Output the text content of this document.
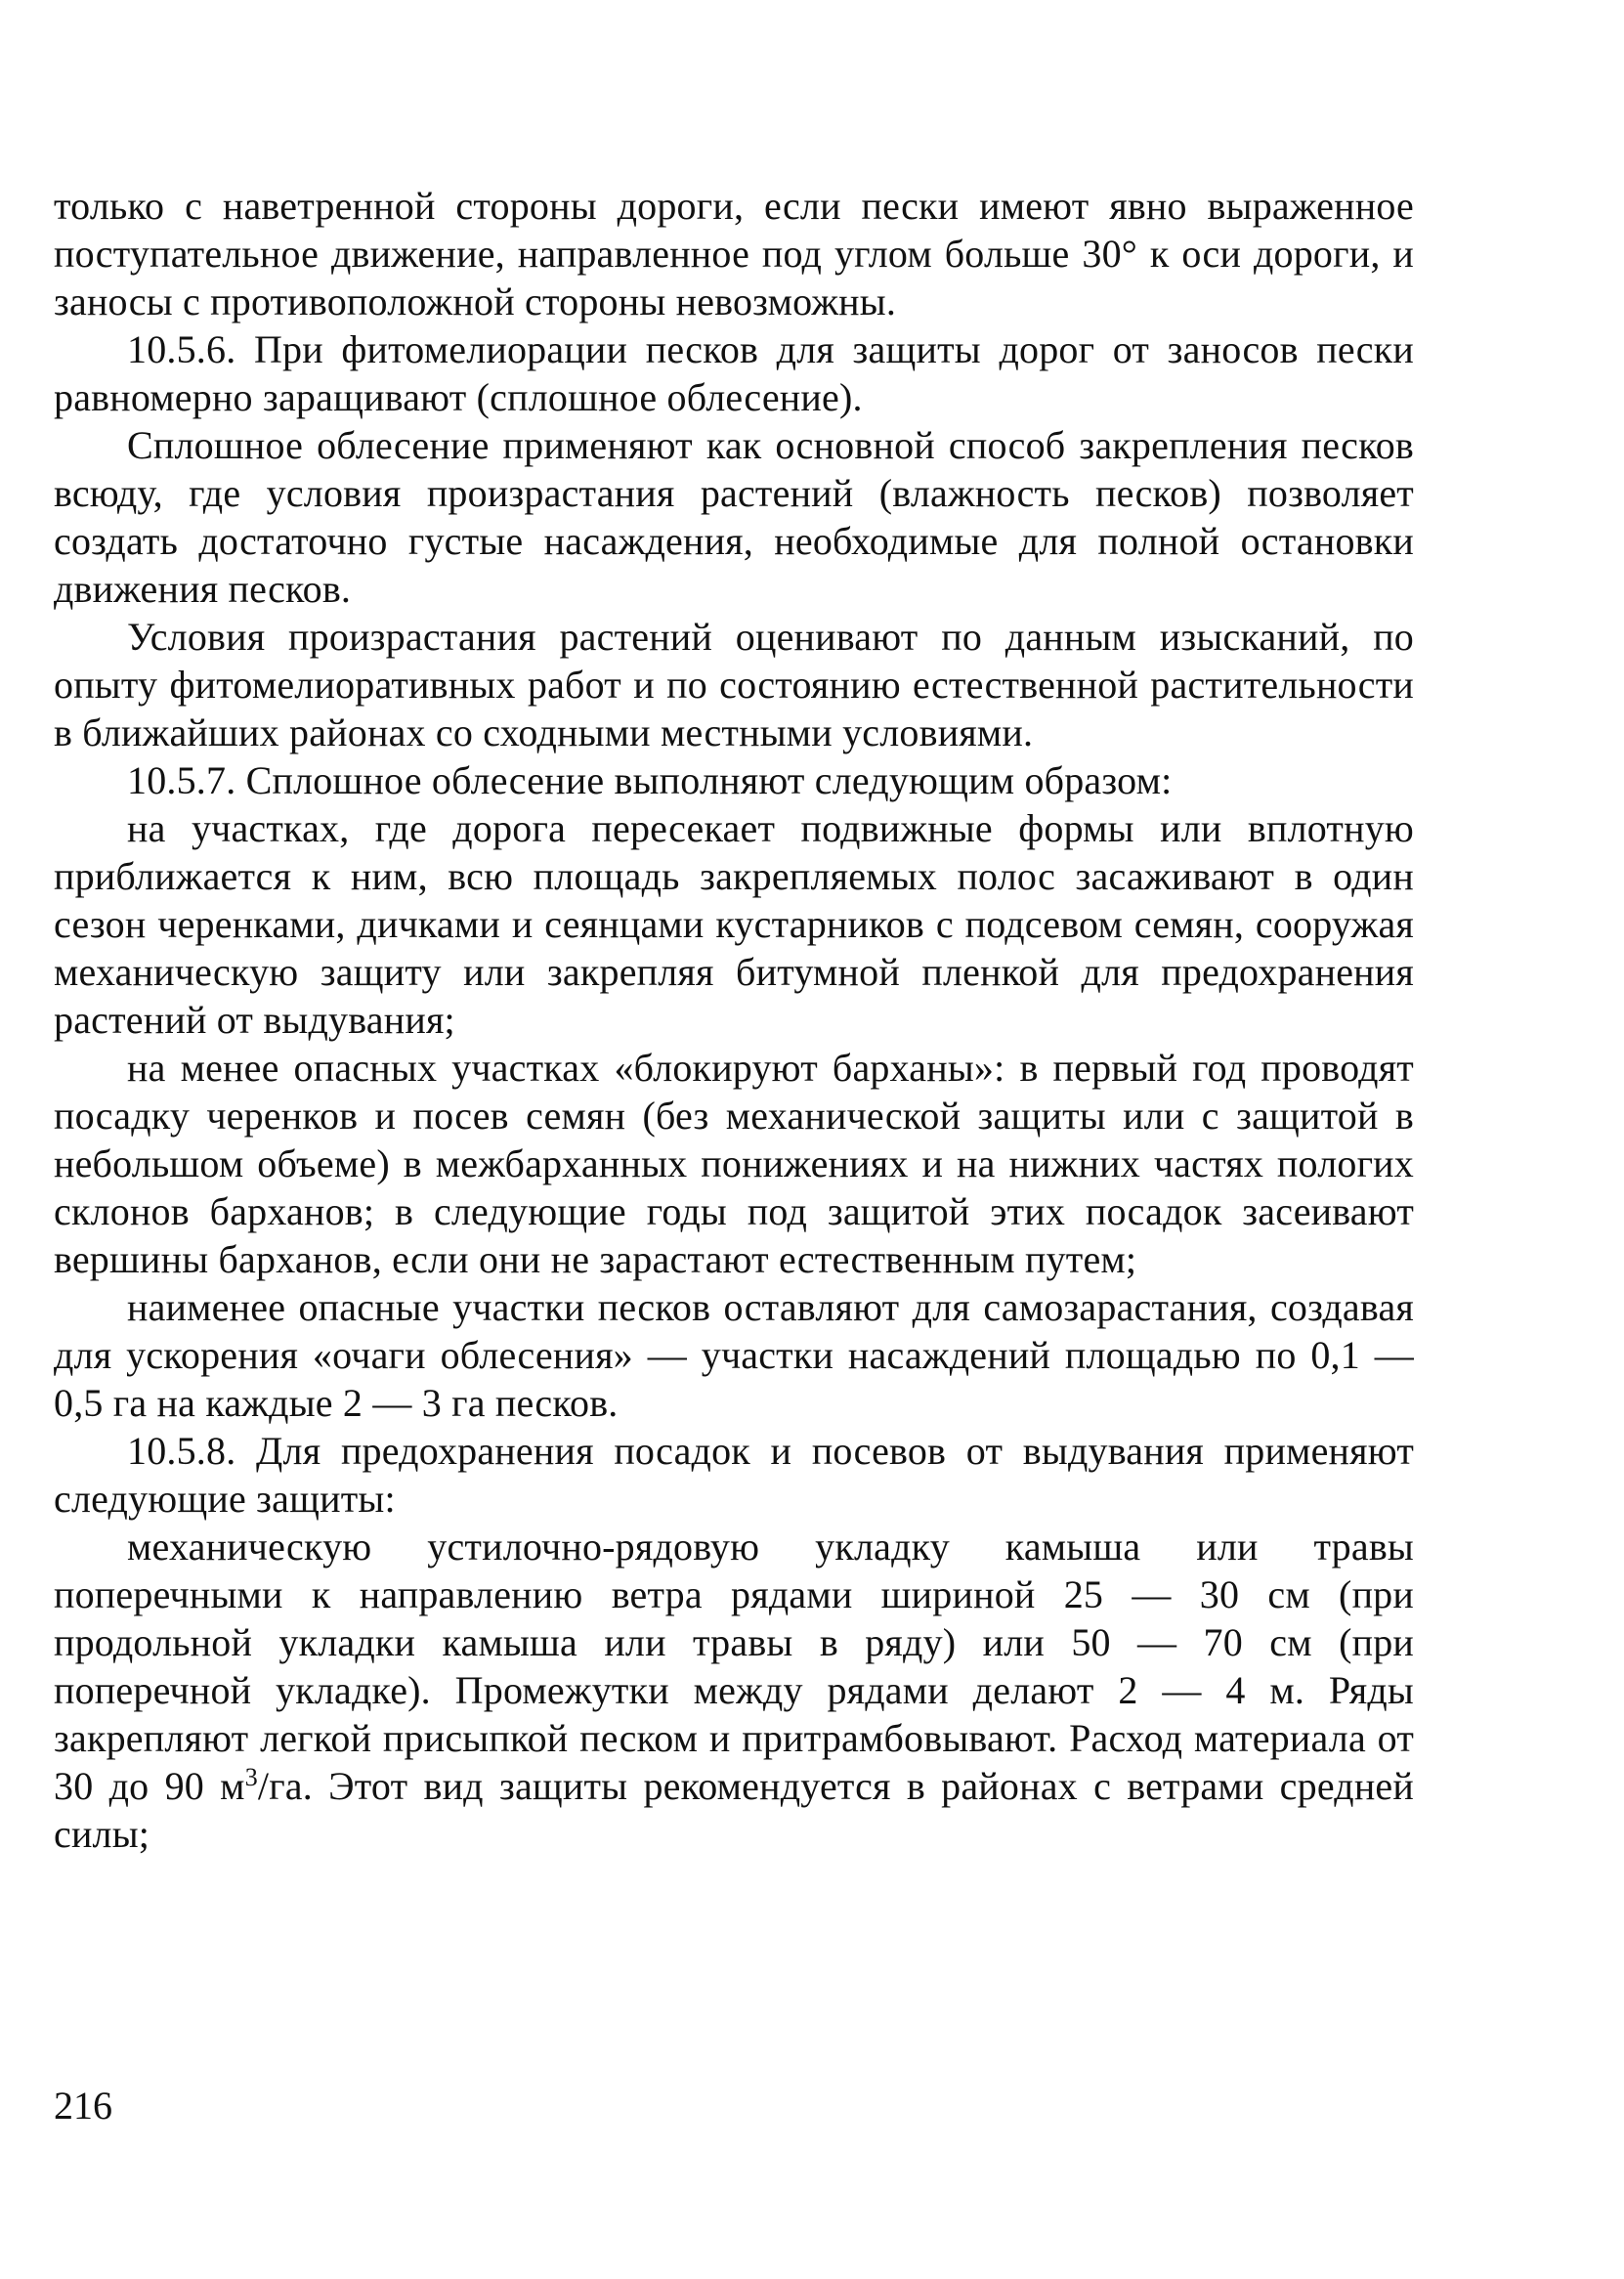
только с наветренной стороны дороги, если пески имеют явно выраженное поступательное движение, направленное под углом больше 30° к оси дороги, и заносы с противоположной стороны невозможны.

10.5.6. При фитомелиорации песков для защиты дорог от заносов пески равномерно заращивают (сплошное облесение).

Сплошное облесение применяют как основной способ закрепления песков всюду, где условия произрастания растений (влажность песков) позволяет создать достаточно густые насаждения, необходимые для полной остановки движения песков.

Условия произрастания растений оценивают по данным изысканий, по опыту фитомелиоративных работ и по состоянию естественной растительности в ближайших районах со сходными местными условиями.

10.5.7. Сплошное облесение выполняют следующим образом:

на участках, где дорога пересекает подвижные формы или вплотную приближается к ним, всю площадь закрепляемых полос засаживают в один сезон черенками, дичками и сеянцами кустарников с подсевом семян, сооружая механическую защиту или закрепляя битумной пленкой для предохранения растений от выдувания;

на менее опасных участках «блокируют барханы»: в первый год проводят посадку черенков и посев семян (без механической защиты или с защитой в небольшом объеме) в межбарханных понижениях и на нижних частях пологих склонов барханов; в следующие годы под защитой этих посадок засеивают вершины барханов, если они не зарастают естественным путем;

наименее опасные участки песков оставляют для самозарастания, создавая для ускорения «очаги облесения» — участки насаждений площадью по 0,1 — 0,5 га на каждые 2 — 3 га песков.

10.5.8. Для предохранения посадок и посевов от выдувания применяют следующие защиты:

механическую устилочно-рядовую укладку камыша или травы поперечными к направлению ветра рядами шириной 25 — 30 см (при продольной укладки камыша или травы в ряду) или 50 — 70 см (при поперечной укладке). Промежутки между рядами делают 2 — 4 м. Ряды закрепляют легкой присыпкой песком и притрамбовывают. Расход материала от 30 до 90 $м^3/га$. Этот вид защиты рекомендуется в районах с ветрами средней силы;

216
